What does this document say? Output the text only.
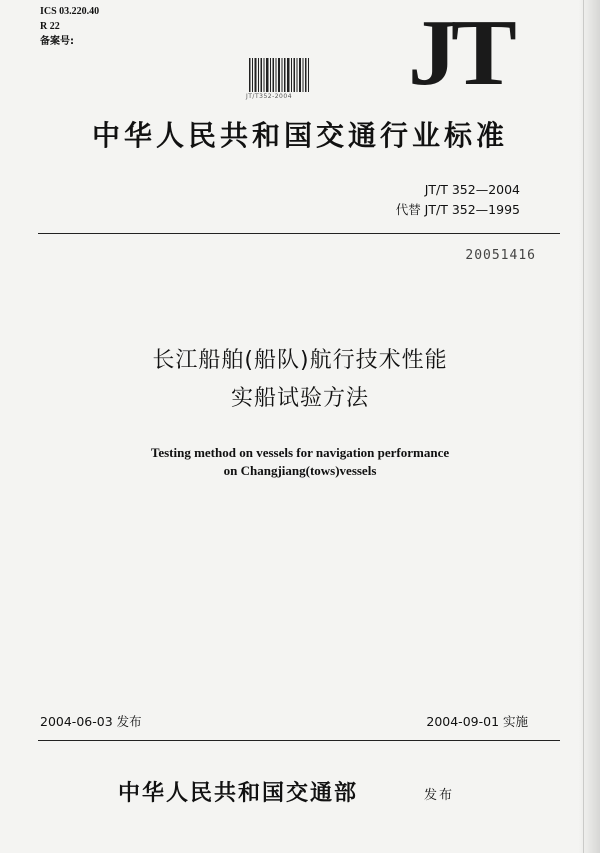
ICS 03.220.40
R 22
备案号:	JT
JT/T352-2004
中华人民共和国交通行业标准
JT/T 352—2004
代替 JT/T 352—1995
20051416
长江船舶(船队)航行技术性能
实船试验方法
Testing method on vessels for navigation performance
on Changjiang(tows)vessels
2004-06-03 发布	2004-09-01 实施
中华人民共和国交通部	发布
